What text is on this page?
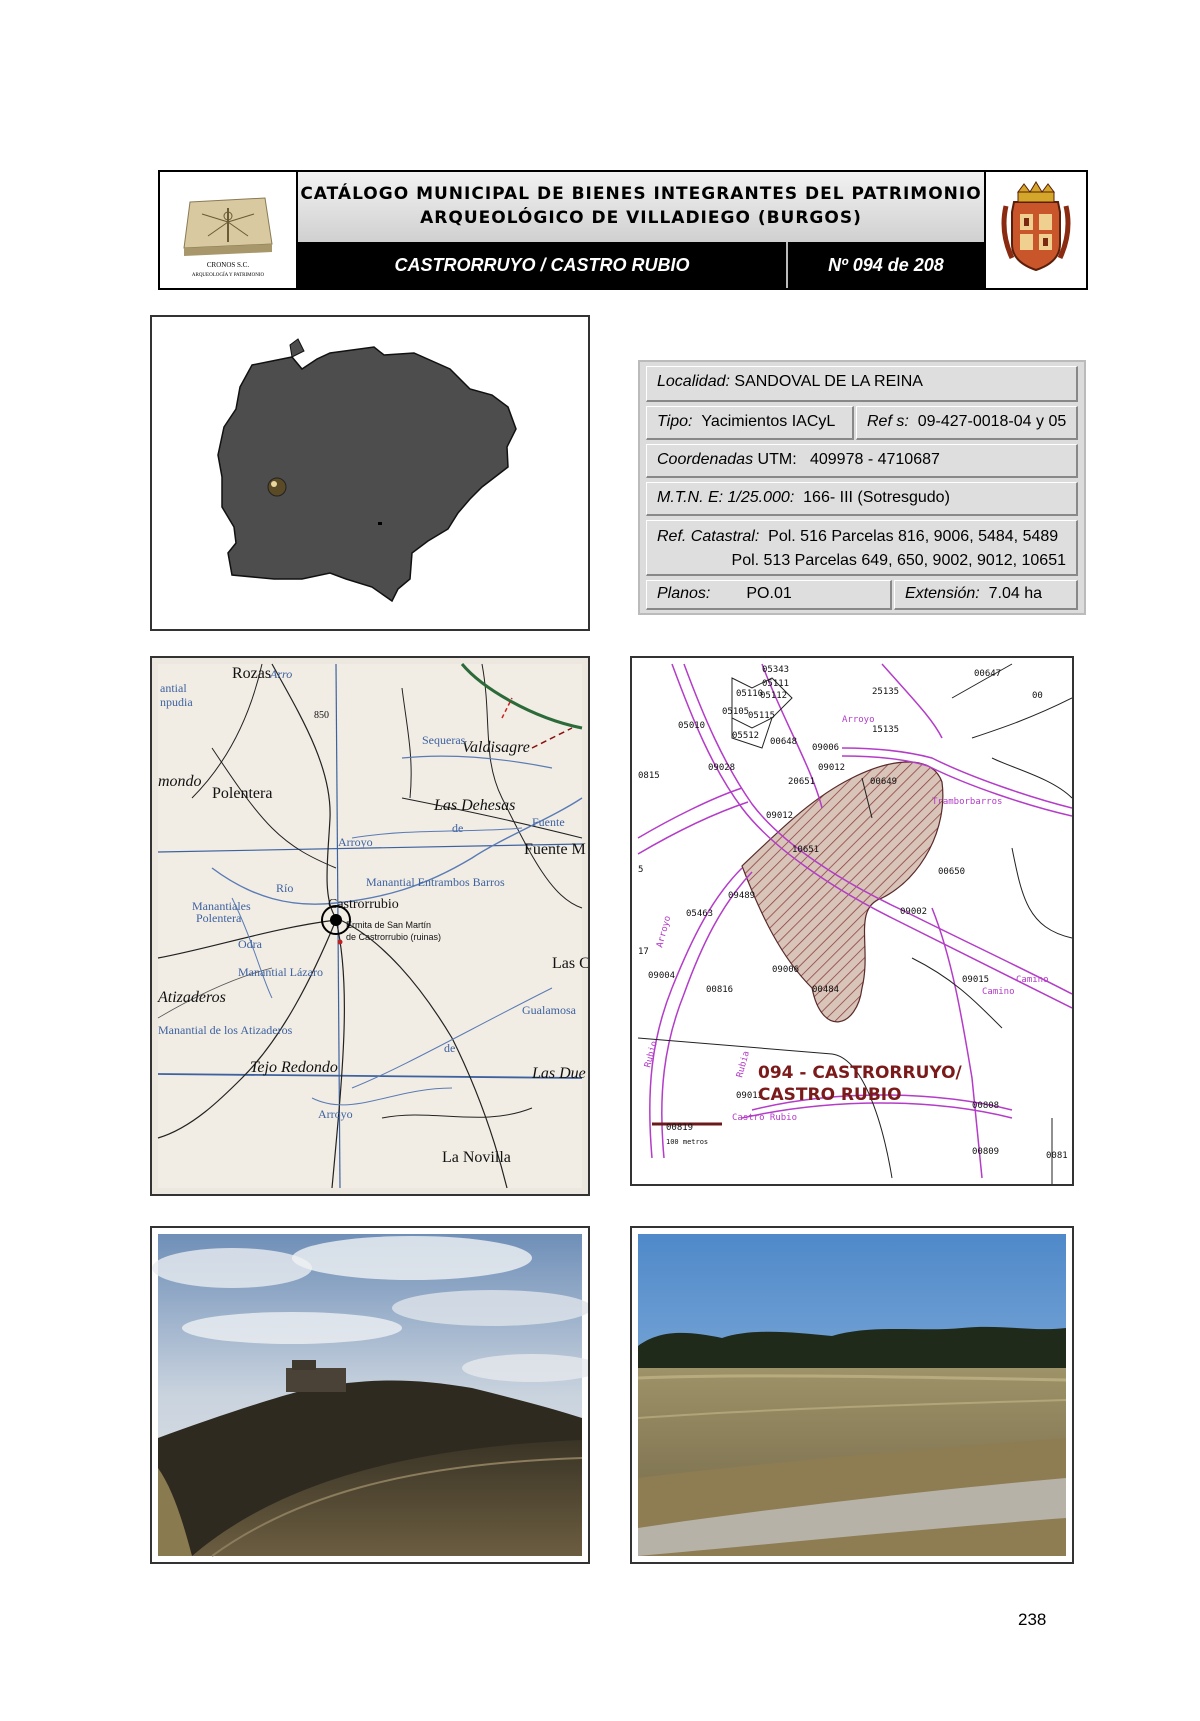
CRONOS S.C.
ARQUEOLOGÍA Y PATRIMONIO
CATÁLOGO MUNICIPAL DE BIENES INTEGRANTES DEL PATRIMONIO
ARQUEOLÓGICO DE VILLADIEGO (BURGOS)
CASTRORRUYO / CASTRO RUBIO	Nº 094 de 208
Localidad: SANDOVAL DE LA REINA
Tipo: Yacimientos IACyL	Ref s: 09-427-0018-04 y 05
Coordenadas UTM: 409978 - 4710687
M.T.N. E: 1/25.000: 166- III (Sotresgudo)
Ref. Catastral: Pol. 516 Parcelas 816, 9006, 5484, 5489

Pol. 513 Parcelas 649, 650, 9002, 9012, 10651
Planos: PO.01	Extensión: 7.04 ha
Rozas
Arro
antial
npudia
Valdisagre
Sequeras
mondo
Polentera
Las Dehesas
Fuente
Arroyo
de
Fuente M
Manantiales
Polentera
Manantial Entrambos Barros
Río
Odra
Castrorrubio
Ermita de San Martín
de Castrorrubio (ruinas)
Manantial Lázaro	Las C
Atizaderos
Gualamosa
Manantial de los Atizaderos
de
Tejo Redondo	Las Due
Arroyo
La Novilla
850
00647
05343
05111
05110
05112	25135
05105
05010
05115
15135
05512
00648
Arroyo
00
09028
0815
09006
09012
20651	00649
Tramborbarros
09012
10651
00650
5
09489
09002
05463
Arroyo
Rubia
17
09006
09004
00816	00484
09015	Camino
Camino
Rubio
09013
00808
Castro Rubio
00819
100 metros
00809	0081
094 - CASTRORRUYO/
CASTRO RUBIO
238
